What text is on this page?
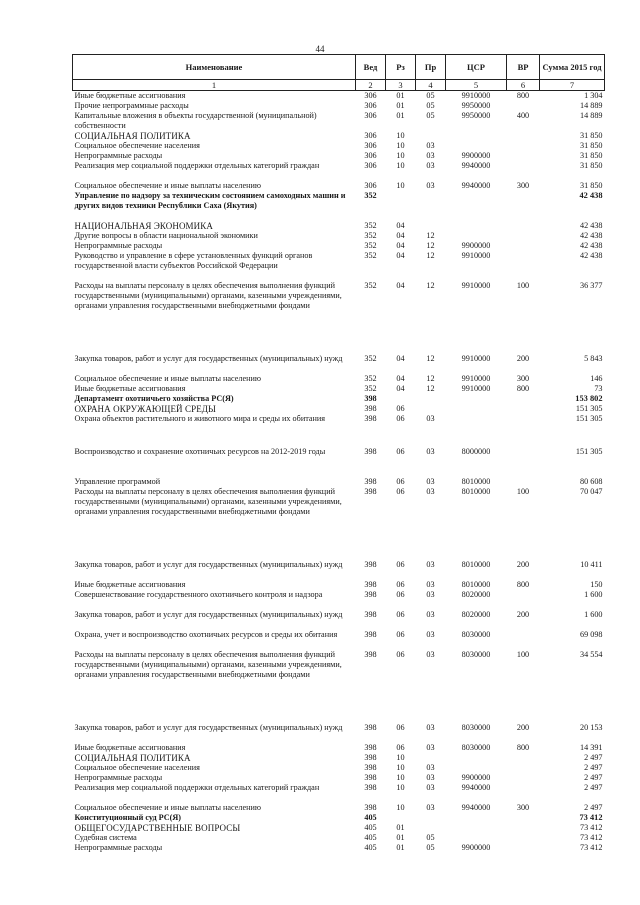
44
Наименование	Вед	Рз	Пр	ЦСР	ВР	Сумма 2015 год
1	2	3	4	5	6	7
Иные бюджетные ассигнования	306	01	05	9910000	800	1 304
Прочие непрограммные расходы	306	01	05	9950000		14 889
Капитальные вложения в объекты государственной (муниципальной) собственности	306	01	05	9950000	400	14 889
СОЦИАЛЬНАЯ ПОЛИТИКА	306	10				31 850
Социальное обеспечение населения	306	10	03			31 850
Непрограммные расходы	306	10	03	9900000		31 850
Реализация мер социальной поддержки отдельных категорий граждан	306	10	03	9940000		31 850
Социальное обеспечение и иные выплаты населению	306	10	03	9940000	300	31 850
Управление по надзору за техническим состоянием самоходных машин и других видов техники Республики Саха (Якутия)	352					42 438
НАЦИОНАЛЬНАЯ ЭКОНОМИКА	352	04				42 438
Другие вопросы в области национальной экономики	352	04	12			42 438
Непрограммные расходы	352	04	12	9900000		42 438
Руководство и управление в сфере установленных функций органов государственной власти субъектов Российской Федерации	352	04	12	9910000		42 438
Расходы на выплаты персоналу в целях обеспечения выполнения функций государственными (муниципальными) органами, казенными учреждениями, органами управления государственными внебюджетными фондами	352	04	12	9910000	100	36 377

Закупка товаров, работ и услуг для государственных (муниципальных) нужд	352	04	12	9910000	200	5 843
Социальное обеспечение и иные выплаты населению	352	04	12	9910000	300	146
Иные бюджетные ассигнования	352	04	12	9910000	800	73
Департамент охотничьего хозяйства РС(Я)	398					153 802
ОХРАНА ОКРУЖАЮЩЕЙ СРЕДЫ	398	06				151 305
Охрана объектов растительного и животного мира и среды их обитания	398	06	03			151 305

Воспроизводство и сохранение охотничьих ресурсов на 2012-2019 годы	398	06	03	8000000		151 305
Управление программой	398	06	03	8010000		80 608
Расходы на выплаты персоналу в целях обеспечения выполнения функций государственными (муниципальными) органами, казенными учреждениями, органами управления государственными внебюджетными фондами	398	06	03	8010000	100	70 047

Закупка товаров, работ и услуг для государственных (муниципальных) нужд	398	06	03	8010000	200	10 411
Иные бюджетные ассигнования	398	06	03	8010000	800	150
Совершенствование государственного охотничьего контроля и надзора	398	06	03	8020000		1 600
Закупка товаров, работ и услуг для государственных (муниципальных) нужд	398	06	03	8020000	200	1 600
Охрана, учет и воспроизводство охотничьих ресурсов и среды их обитания	398	06	03	8030000		69 098
Расходы на выплаты персоналу в целях обеспечения выполнения функций государственными (муниципальными) органами, казенными учреждениями, органами управления государственными внебюджетными фондами	398	06	03	8030000	100	34 554

Закупка товаров, работ и услуг для государственных (муниципальных) нужд	398	06	03	8030000	200	20 153
Иные бюджетные ассигнования	398	06	03	8030000	800	14 391
СОЦИАЛЬНАЯ ПОЛИТИКА	398	10				2 497
Социальное обеспечение населения	398	10	03			2 497
Непрограммные расходы	398	10	03	9900000		2 497
Реализация мер социальной поддержки отдельных категорий граждан	398	10	03	9940000		2 497
Социальное обеспечение и иные выплаты населению	398	10	03	9940000	300	2 497
Конституционный суд РС(Я)	405					73 412
ОБЩЕГОСУДАРСТВЕННЫЕ ВОПРОСЫ	405	01				73 412
Судебная система	405	01	05			73 412
Непрограммные расходы	405	01	05	9900000		73 412
